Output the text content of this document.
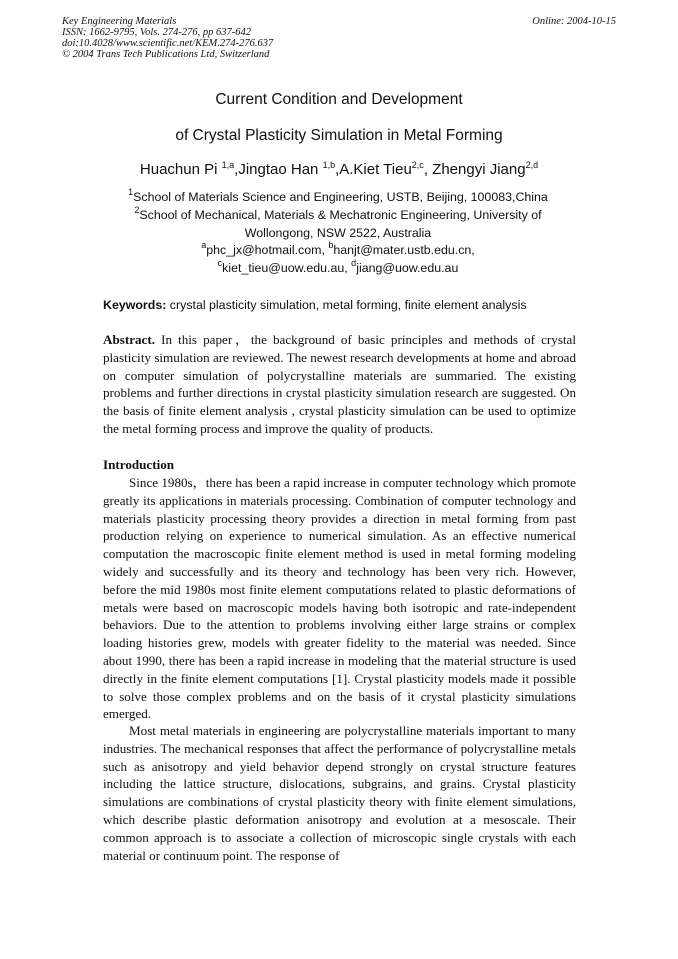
Key Engineering Materials
ISSN: 1662-9795, Vols. 274-276, pp 637-642
doi:10.4028/www.scientific.net/KEM.274-276.637
© 2004 Trans Tech Publications Ltd, Switzerland
Online: 2004-10-15
Current Condition and Development
of Crystal Plasticity Simulation in Metal Forming
Huachun Pi $^{1,a}$,Jingtao Han $^{1,b}$,A.Kiet Tieu$^{2,c}$, Zhengyi Jiang$^{2,d}$
$^1$School of Materials Science and Engineering, USTB, Beijing, 100083,China
$^2$School of Mechanical, Materials & Mechatronic Engineering, University of
Wollongong, NSW 2522, Australia
$^a$phc_jx@hotmail.com, $^b$hanjt@mater.ustb.edu.cn,
$^c$kiet_tieu@uow.edu.au, $^d$jiang@uow.edu.au
Keywords: crystal plasticity simulation, metal forming, finite element analysis
Abstract. In this paper，the background of basic principles and methods of crystal plasticity simulation are reviewed. The newest research developments at home and abroad on computer simulation of polycrystalline materials are summaried. The existing problems and further directions in crystal plasticity simulation research are suggested. On the basis of finite element analysis , crystal plasticity simulation can be used to optimize the metal forming process and improve the quality of products.
Introduction
Since 1980s，there has been a rapid increase in computer technology which promote greatly its applications in materials processing. Combination of computer technology and materials plasticity processing theory provides a direction in metal forming from past production relying on experience to numerical simulation. As an effective numerical computation the macroscopic finite element method is used in metal forming modeling widely and successfully and its theory and technology has been very rich. However, before the mid 1980s most finite element computations related to plastic deformations of metals were based on macroscopic models having both isotropic and rate-independent behaviors. Due to the attention to problems involving either large strains or complex loading histories grew, models with greater fidelity to the material was needed. Since about 1990, there has been a rapid increase in modeling that the material structure is used directly in the finite element computations [1]. Crystal plasticity models made it possible to solve those complex problems and on the basis of it crystal plasticity simulations emerged.
Most metal materials in engineering are polycrystalline materials important to many industries. The mechanical responses that affect the performance of polycrystalline metals such as anisotropy and yield behavior depend strongly on crystal structure features including the lattice structure, dislocations, subgrains, and grains. Crystal plasticity simulations are combinations of crystal plasticity theory with finite element simulations, which describe plastic deformation anisotropy and evolution at a mesoscale. Their common approach is to associate a collection of microscopic single crystals with each material or continuum point. The response of
